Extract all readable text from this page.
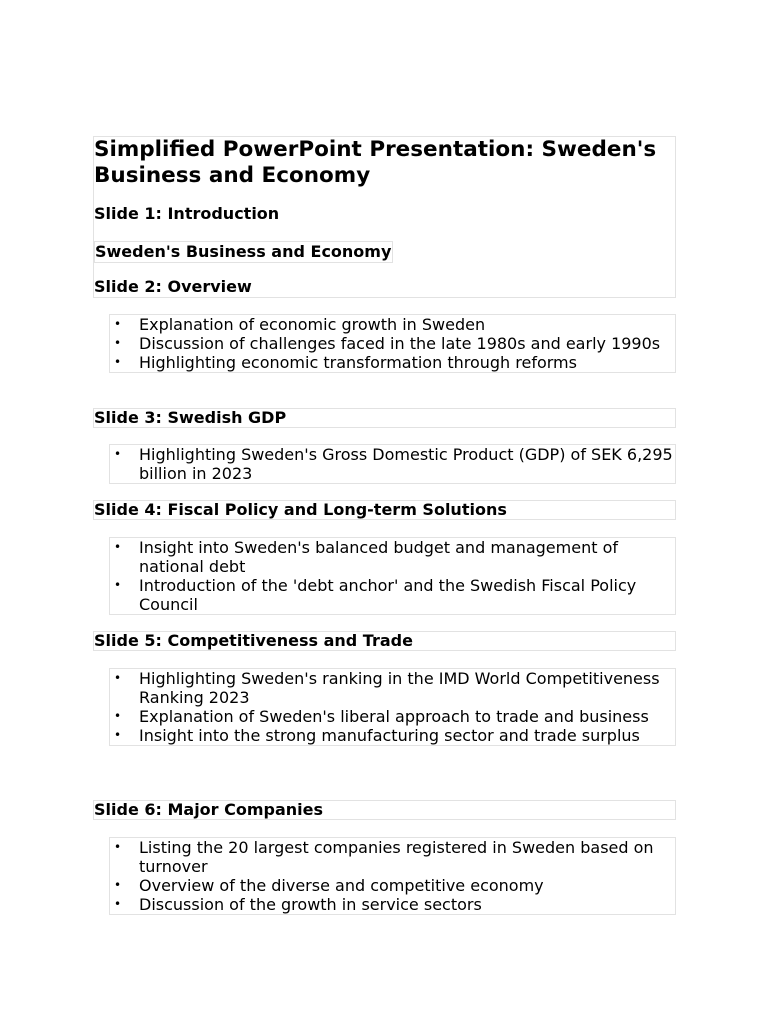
Simplified PowerPoint Presentation: Sweden's Business and Economy
Slide 1: Introduction
Sweden's Business and Economy
Slide 2: Overview
• Explanation of economic growth in Sweden
• Discussion of challenges faced in the late 1980s and early 1990s
• Highlighting economic transformation through reforms
Slide 3: Swedish GDP
• Highlighting Sweden's Gross Domestic Product (GDP) of SEK 6,295 billion in 2023
Slide 4: Fiscal Policy and Long-term Solutions
• Insight into Sweden's balanced budget and management of national debt
• Introduction of the 'debt anchor' and the Swedish Fiscal Policy Council
Slide 5: Competitiveness and Trade
• Highlighting Sweden's ranking in the IMD World Competitiveness Ranking 2023
• Explanation of Sweden's liberal approach to trade and business
• Insight into the strong manufacturing sector and trade surplus
Slide 6: Major Companies
• Listing the 20 largest companies registered in Sweden based on turnover
• Overview of the diverse and competitive economy
• Discussion of the growth in service sectors
